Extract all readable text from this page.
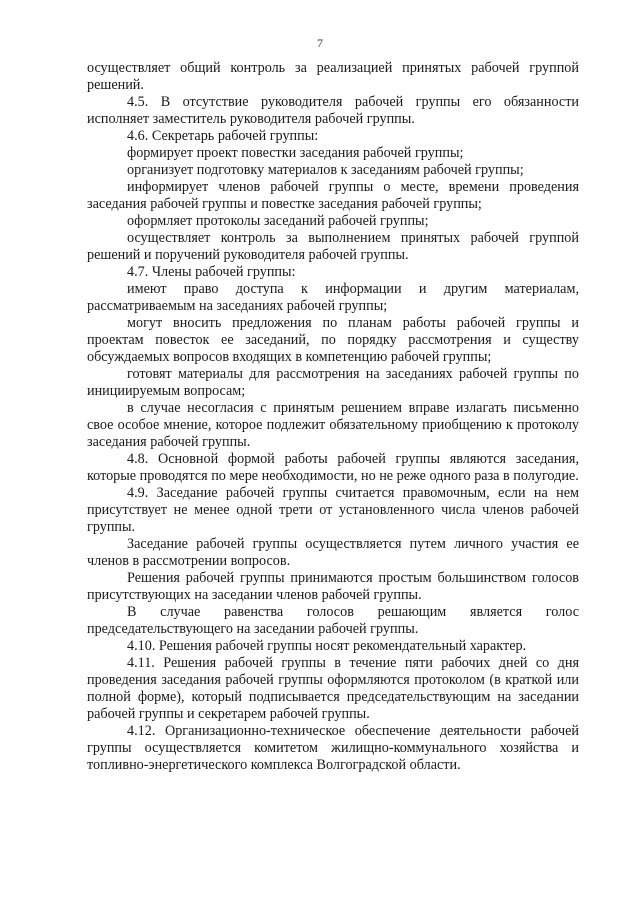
7

осуществляет общий контроль за реализацией принятых рабочей группой решений.

4.5. В отсутствие руководителя рабочей группы его обязанности исполняет заместитель руководителя рабочей группы.

4.6. Секретарь рабочей группы:

формирует проект повестки заседания рабочей группы;

организует подготовку материалов к заседаниям рабочей группы;

информирует членов рабочей группы о месте, времени проведения заседания рабочей группы и повестке заседания рабочей группы;

оформляет протоколы заседаний рабочей группы;

осуществляет контроль за выполнением принятых рабочей группой решений и поручений руководителя рабочей группы.

4.7. Члены рабочей группы:

имеют право доступа к информации и другим материалам, рассматриваемым на заседаниях рабочей группы;

могут вносить предложения по планам работы рабочей группы и проектам повесток ее заседаний, по порядку рассмотрения и существу обсуждаемых вопросов входящих в компетенцию рабочей группы;

готовят материалы для рассмотрения на заседаниях рабочей группы по инициируемым вопросам;

в случае несогласия с принятым решением вправе излагать письменно свое особое мнение, которое подлежит обязательному приобщению к протоколу заседания рабочей группы.

4.8. Основной формой работы рабочей группы являются заседания, которые проводятся по мере необходимости, но не реже одного раза в полугодие.

4.9. Заседание рабочей группы считается правомочным, если на нем присутствует не менее одной трети от установленного числа членов рабочей группы.

Заседание рабочей группы осуществляется путем личного участия ее членов в рассмотрении вопросов.

Решения рабочей группы принимаются простым большинством голосов присутствующих на заседании членов рабочей группы.

В случае равенства голосов решающим является голос председательствующего на заседании рабочей группы.

4.10. Решения рабочей группы носят рекомендательный характер.

4.11. Решения рабочей группы в течение пяти рабочих дней со дня проведения заседания рабочей группы оформляются протоколом (в краткой или полной форме), который подписывается председательствующим на заседании рабочей группы и секретарем рабочей группы.

4.12. Организационно-техническое обеспечение деятельности рабочей группы осуществляется комитетом жилищно-коммунального хозяйства и топливно-энергетического комплекса Волгоградской области.
